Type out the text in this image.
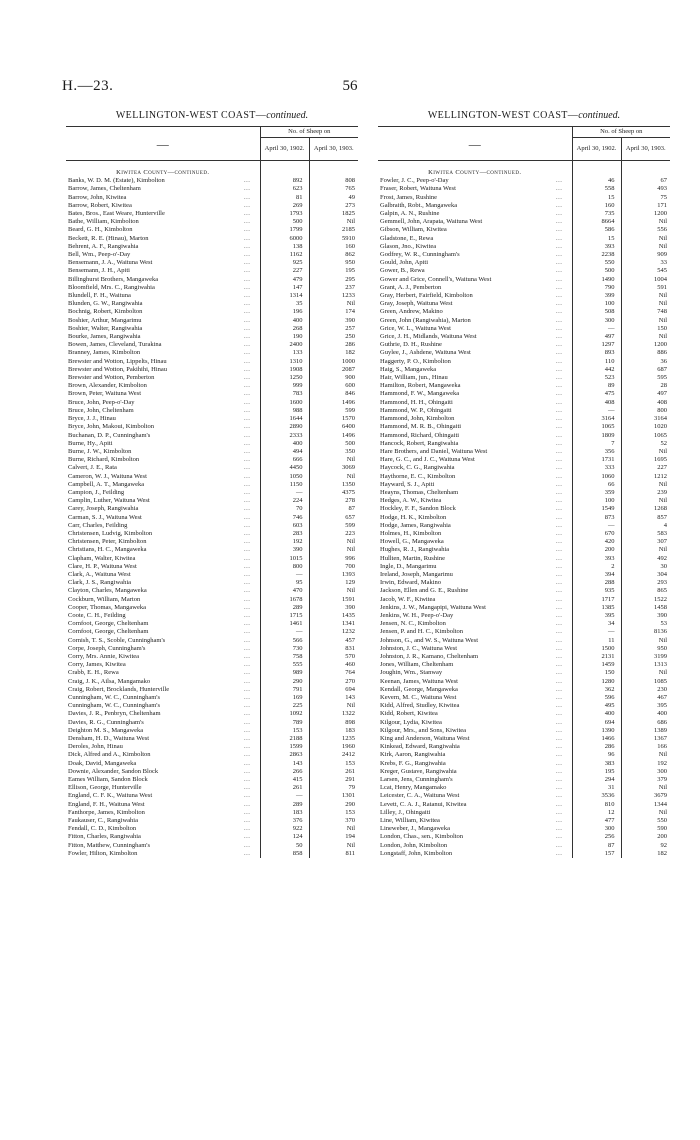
H.—23.	56
WELLINGTON-WEST COAST—continued.
—		No. of Sheep on	
		April 30, 1902.	April 30, 1903.

Kiwitea County—continued.			
Banks, W. D. M. (Estate), Kimbolton	...	892	808
Barrow, James, Cheltenham	...	623	765
Barrow, John, Kiwitea	...	81	49
Barrow, Robert, Kiwitea	...	269	273
Bates, Bros., East Weare, Hunterville	...	1793	1825
Bathe, William, Kimbolton	...	500	Nil
Beard, G. H., Kimbolton	...	1799	2185
Beckett, R. E. (Hinau), Marton	...	6000	5910
Behrent, A. F., Rangiwahia	...	138	160
Bell, Wm., Peep-o'-Day	...	1162	862
Bensemann, J. A., Waituna West	...	925	950
Bensemann, J. H., Apiti	...	227	195
Billinghurst Brothers, Mangaweka	...	479	295
Bloomfield, Mrs. C., Rangiwahia	...	147	237
Blundell, F. H., Waituna	...	1314	1233
Blunden, G. W., Rangiwahia	...	35	Nil
Bochnig, Robert, Kimbolton	...	196	174
Boshier, Arthur, Mangarimu	...	400	390
Boshier, Walter, Rangiwahia	...	268	257
Bourke, James, Rangiwahia	...	190	250
Bowen, James, Cleveland, Turakina	...	2400	286
Branney, James, Kimbolton	...	133	182
Brewster and Wotton, Lippelts, Hinau	...	1310	1000
Brewster and Wotton, Pakihihi, Hinau	...	1908	2087
Brewster and Wotton, Pemberton	...	1250	900
Brown, Alexander, Kimbolton	...	999	600
Brown, Peter, Waituna West	...	783	846
Bruce, John, Peep-o'-Day	...	1600	1496
Bruce, John, Cheltenham	...	988	599
Bryce, J. J., Hinau	...	1644	1570
Bryce, John, Makoui, Kimbolton	...	2890	6400
Buchanan, D. P., Cunningham's	...	2333	1496
Burne, Hy., Apiti	...	400	500
Burne, J. W., Kimbolton	...	494	350
Burne, Richard, Kimbolton	...	666	Nil
Calvert, J. E., Rata	...	4450	3069
Cameron, W. J., Waituna West	...	1050	Nil
Campbell, A. T., Mangaweka	...	1150	1350
Campion, J., Feilding	...	—	4375
Camplin, Luther, Waituna West	...	224	278
Carey, Joseph, Rangiwahia	...	70	87
Carman, S. J., Waituna West	...	746	657
Carr, Charles, Feilding	...	603	599
Christensen, Ludvig, Kimbolton	...	283	223
Christensen, Peter, Kimbolton	...	192	Nil
Christians, H. C., Mangaweka	...	390	Nil
Clapham, Walter, Kiwitea	...	1015	996
Clare, H. P., Waituna West	...	800	700
Clark, A., Waituna West	...	—	1393
Clark, J. S., Rangiwahia	...	95	129
Clayton, Charles, Mangaweka	...	470	Nil
Cockburn, William, Marton	...	1678	1591
Cooper, Thomas, Mangaweka	...	289	390
Coote, C. H., Feilding	...	1715	1435
Cornfoot, George, Cheltenham	...	1461	1341
Cornfoot, George, Cheltenham	...	—	1232
Cornish, T. S., Scoble, Cunningham's	...	566	457
Corpe, Joseph, Cunningham's	...	730	831
Corry, Mrs. Annie, Kiwitea	...	758	570
Corry, James, Kiwitea	...	555	460
Crabb, E. H., Rewa	...	989	764
Craig, J. K., Ailsa, Mangamako	...	290	270
Craig, Robert, Brocklands, Hunterville	...	791	694
Cunningham, W. C., Cunningham's	...	169	143
Cunningham, W. C., Cunningham's	...	225	Nil
Davies, J. R., Penbryn, Cheltenham	...	1092	1322
Davies, R. G., Cunningham's	...	789	898
Deighton M. S., Mangaweka	...	153	183
Densham, H. D., Waituna West	...	2188	1235
Deroles, John, Hinau	...	1599	1960
Dick, Alfred and A., Kimbolton	...	2863	2412
Doak, David, Mangaweka	...	143	153
Downie, Alexander, Sandon Block	...	266	261
Eames William, Sandon Block	...	415	291
Ellison, George, Hunterville	...	261	79
England, C. F. K., Waituna West	...	—	1301
England, F. H., Waituna West	...	289	290
Fanthorpe, James, Kimbolton	...	183	153
Faukauser, C., Rangiwahia	...	376	370
Fendall, C. D., Kimbolton	...	922	Nil
Fitton, Charles, Rangiwahia	...	124	194
Fitton, Matthew, Cunningham's	...	50	Nil
Fowler, Hilton, Kimbolton	...	858	811
WELLINGTON-WEST COAST—continued.
—		No. of Sheep on	
		April 30, 1902.	April 30, 1903.

Kiwitea County—continued.			
Fowler, J. C., Peep-o'-Day	...	46	67
Fraser, Robert, Waituna West	...	558	493
Frost, James, Rushine	...	15	75
Galbraith, Robt., Mangaweka	...	160	171
Galpin, A. N., Rushine	...	735	1200
Gemmell, John, Arapata, Waituna West	...	8664	Nil
Gibson, William, Kiwitea	...	586	556
Gladstone, E., Rewa	...	15	Nil
Glason, Jno., Kiwitea	...	393	Nil
Godfrey, W. R., Cunningham's	...	2238	909
Gould, John, Apiti	...	550	33
Gower, B., Rewa	...	500	545
Gower and Grice, Connell's, Waituna West	...	1490	1004
Grant, A. J., Pemberton	...	790	591
Gray, Herbert, Fairfield, Kimbolton	...	399	Nil
Gray, Joseph, Waituna West	...	100	Nil
Green, Andrew, Makino	...	508	748
Green, John (Rangiwahia), Marton	...	300	Nil
Grice, W. L., Waituna West	...	—	150
Grice, J. H., Midlands, Waituna West	...	497	Nil
Guthrie, D. H., Rushine	...	1297	1200
Guylee, J., Ashdene, Waituna West	...	893	886
Haggerty, P. O., Kimbolton	...	110	36
Haig, S., Mangaweka	...	442	687
Hair, William, jun., Hinau	...	523	595
Hamilton, Robert, Mangaweka	...	89	28
Hammond, F. W., Mangaweka	...	475	497
Hammond, H. H., Ohingaiti	...	408	408
Hammond, W. P., Ohingaiti	...	—	800
Hammond, John, Kimbolton	...	3164	3164
Hammond, M. R. B., Ohingaiti	...	1065	1020
Hammond, Richard, Ohingaiti	...	1809	1065
Hancock, Robert, Rangiwahia	...	7	52
Hare Brothers, and Daniel, Waituna West	...	356	Nil
Hare, G. C., and J. C., Waituna West	...	1731	1695
Haycock, C. G., Rangiwahia	...	333	227
Haythorne, E. C., Kimbolton	...	1060	1212
Hayward, S. J., Apiti	...	66	Nil
Heayns, Thomas, Cheltenham	...	359	239
Hedges, A. W., Kiwitea	...	100	Nil
Hockley, F. F., Sandon Block	...	1549	1268
Hodge, H. K., Kimbolton	...	873	857
Hodge, James, Rangiwahia	...	—	4
Holmes, H., Kimbolton	...	670	583
Howell, G., Mangaweka	...	420	307
Hughes, R. J., Rangiwahia	...	200	Nil
Hullten, Martin, Rushine	...	393	492
Ingle, D., Mangarimu	...	2	30
Ireland, Joseph, Mangarimu	...	394	304
Irwin, Edward, Makino	...	288	293
Jackson, Ellen and G. E., Rushine	...	935	865
Jacob, W. F., Kiwitea	...	1717	1522
Jenkins, J. W., Mangapipi, Waituna West	...	1385	1458
Jenkins, W. H., Peep-o'-Day	...	395	390
Jensen, N. C., Kimbolton	...	34	53
Jensen, P. and H. C., Kimbolton	...	—	8136
Johnson, G., and W. S., Waituna West	...	11	Nil
Johnston, J. C., Waituna West	...	1500	950
Johnston, J. R., Kamano, Cheltenham	...	2131	3199
Jones, William, Cheltenham	...	1459	1313
Joughin, Wm., Stanway	...	150	Nil
Keenan, James, Waituna West	...	1280	1085
Kendall, George, Mangaweka	...	362	230
Kevern, M. C., Waituna West	...	596	467
Kidd, Alfred, Studley, Kiwitea	...	495	395
Kidd, Robert, Kiwitea	...	400	400
Kilgour, Lydia, Kiwitea	...	694	686
Kilgour, Mrs., and Sons, Kiwitea	...	1390	1389
King and Anderson, Waituna West	...	1466	1367
Kinkead, Edward, Rangiwahia	...	286	166
Kirk, Aaron, Rangiwahia	...	96	Nil
Krebs, F. G., Rangiwahia	...	383	192
Kreger, Gustave, Rangiwahia	...	195	300
Larsen, Jens, Cunningham's	...	294	379
Lcat, Henry, Mangamako	...	31	Nil
Leicester, C. A., Waituna West	...	3536	3679
Levett, C. A. J., Ratanui, Kiwitea	...	810	1344
Lilley, J., Ohingaiti	...	12	Nil
Line, William, Kiwitea	...	477	550
Lineweber, J., Mangaweka	...	300	590
London, Chas., sen., Kimbolton	...	256	200
London, John, Kimbolton	...	87	92
Longstaff, John, Kimbolton	...	157	182
